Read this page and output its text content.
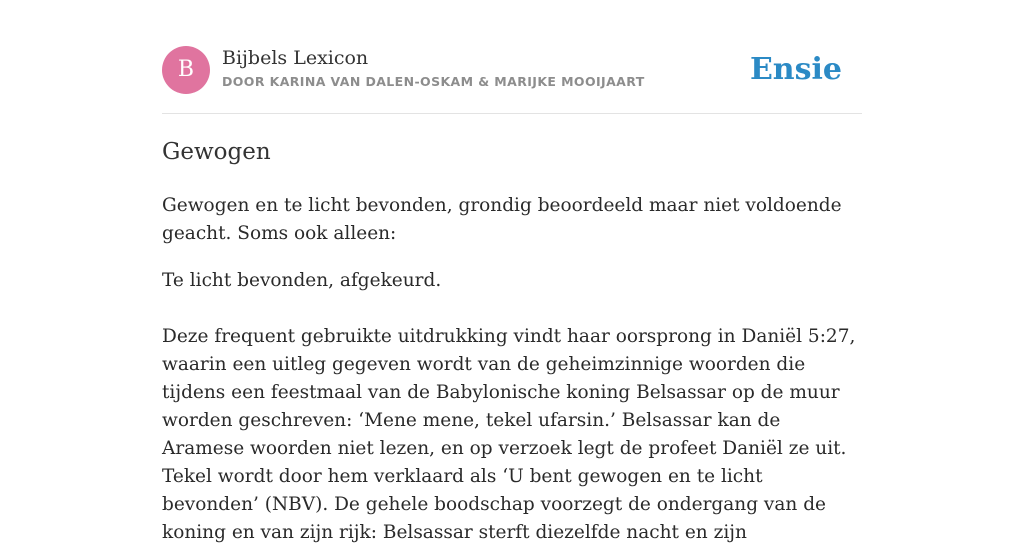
B	Bijbels Lexicon
DOOR KARINA VAN DALEN-OSKAM & MARIJKE MOOIJAART	Ensie
Gewogen

Gewogen en te licht bevonden, grondig beoordeeld maar niet voldoende geacht. Soms ook alleen:

Te licht bevonden, afgekeurd.

Deze frequent gebruikte uitdrukking vindt haar oorsprong in Daniël 5:27, waarin een uitleg gegeven wordt van de geheimzinnige woorden die tijdens een feestmaal van de Babylonische koning Belsassar op de muur worden geschreven: ‘Mene mene, tekel ufarsin.’ Belsassar kan de Aramese woorden niet lezen, en op verzoek legt de profeet Daniël ze uit. Tekel wordt door hem verklaard als ‘U bent gewogen en te licht bevonden’ (NBV). De gehele boodschap voorzegt de ondergang van de koning en van zijn rijk: Belsassar sterft diezelfde nacht en zijn
